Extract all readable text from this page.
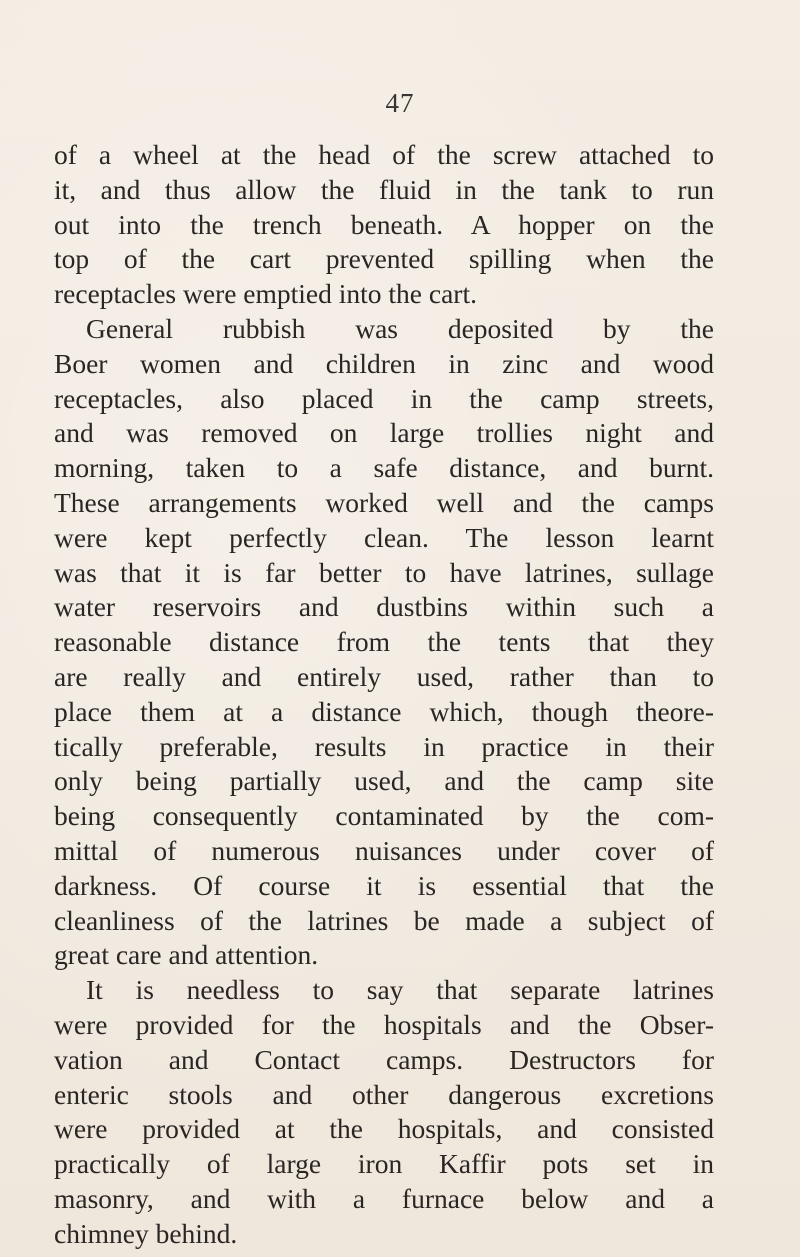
47
of a wheel at the head of the screw attached to
it, and thus allow the fluid in the tank to run
out into the trench beneath. A hopper on the
top of the cart prevented spilling when the
receptacles were emptied into the cart.
General rubbish was deposited by the
Boer women and children in zinc and wood
receptacles, also placed in the camp streets,
and was removed on large trollies night and
morning, taken to a safe distance, and burnt.
These arrangements worked well and the camps
were kept perfectly clean. The lesson learnt
was that it is far better to have latrines, sullage
water reservoirs and dustbins within such a
reasonable distance from the tents that they
are really and entirely used, rather than to
place them at a distance which, though theore-
tically preferable, results in practice in their
only being partially used, and the camp site
being consequently contaminated by the com-
mittal of numerous nuisances under cover of
darkness. Of course it is essential that the
cleanliness of the latrines be made a subject of
great care and attention.
It is needless to say that separate latrines
were provided for the hospitals and the Obser-
vation and Contact camps. Destructors for
enteric stools and other dangerous excretions
were provided at the hospitals, and consisted
practically of large iron Kaffir pots set in
masonry, and with a furnace below and a
chimney behind.
